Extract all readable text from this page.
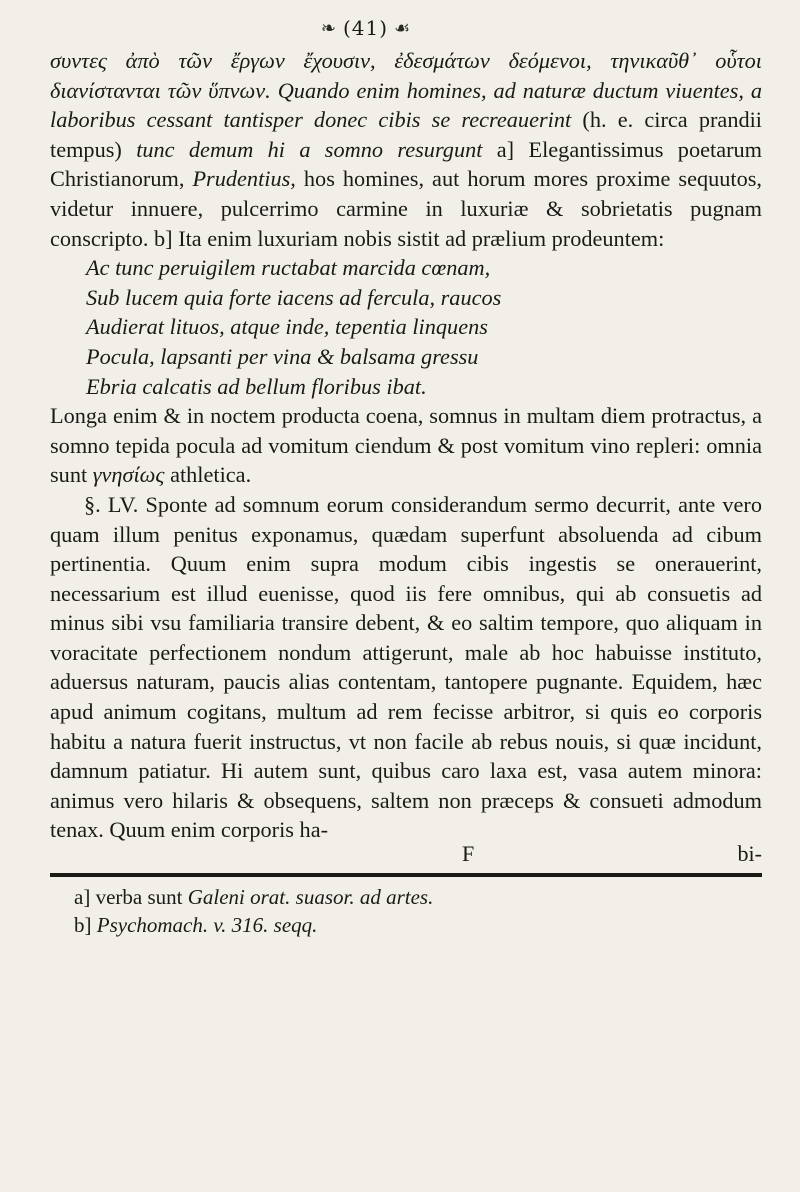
❧ (41) ☙

συντες ἀπὸ τῶν ἔργων ἔχουσιν, ἐδεσμάτων δεόμενοι, τηνικαῦθ᾽ οὗτοι διανίστανται τῶν ὕπνων. Quando enim homines, ad naturæ ductum viuentes, a laboribus cessant tantisper donec cibis se recreauerint (h. e. circa prandii tempus) tunc demum hi a somno resurgunt a] Elegantissimus poetarum Christianorum, Prudentius, hos homines, aut horum mores proxime sequutos, videtur innuere, pulcerrimo carmine in luxuriæ & sobrietatis pugnam conscripto. b] Ita enim luxuriam nobis sistit ad prælium prodeuntem:

Ac tunc peruigilem ructabat marcida cœnam,

Sub lucem quia forte iacens ad fercula, raucos

Audierat lituos, atque inde, tepentia linquens

Pocula, lapsanti per vina & balsama gressu

Ebria calcatis ad bellum floribus ibat.

Longa enim & in noctem producta coena, somnus in multam diem protractus, a somno tepida pocula ad vomitum ciendum & post vomitum vino repleri: omnia sunt γνησίως athletica.

§. LV. Sponte ad somnum eorum considerandum sermo decurrit, ante vero quam illum penitus exponamus, quædam superfunt absoluenda ad cibum pertinentia. Quum enim supra modum cibis ingestis se onerauerint, necessarium est illud euenisse, quod iis fere omnibus, qui ab consuetis ad minus sibi vsu familiaria transire debent, & eo saltim tempore, quo aliquam in voracitate perfectionem nondum attigerunt, male ab hoc habuisse instituto, aduersus naturam, paucis alias contentam, tantopere pugnante. Equidem, hæc apud animum cogitans, multum ad rem fecisse arbitror, si quis eo corporis habitu a natura fuerit instructus, vt non facile ab rebus nouis, si quæ incidunt, damnum patiatur. Hi autem sunt, quibus caro laxa est, vasa autem minora: animus vero hilaris & obsequens, saltem non præceps & consueti admodum tenax. Quum enim corporis ha-

F	bi-
a] verba sunt Galeni orat. suasor. ad artes.
b] Psychomach. v. 316. seqq.
